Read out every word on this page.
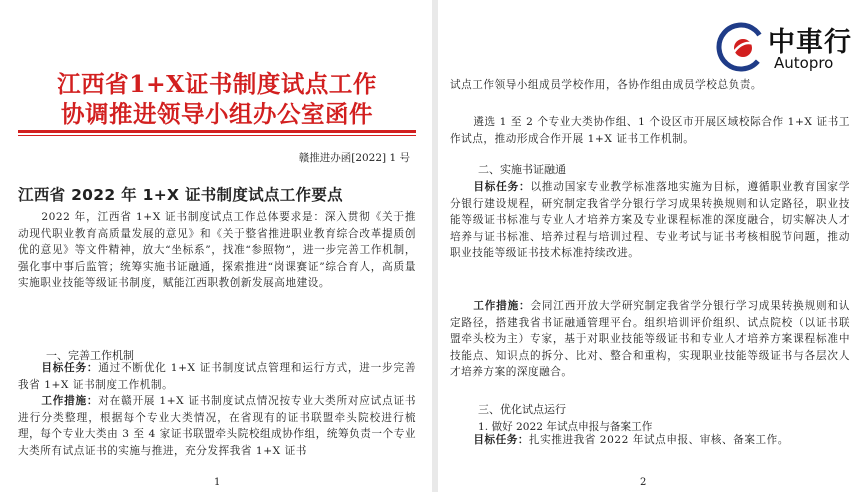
江西省1+X证书制度试点工作
协调推进领导小组办公室函件
赣推进办函[2022] 1 号
江西省 2022 年 1+X 证书制度试点工作要点

2022 年，江西省 1+X 证书制度试点工作总体要求是：深入贯彻《关于推动现代职业教育高质量发展的意见》和《关于整省推进职业教育综合改革提质创优的意见》等文件精神，放大“坐标系”，找准“参照物”，进一步完善工作机制，强化事中事后监管；统筹实施书证融通，探索推进“岗课赛证”综合育人，高质量实施职业技能等级证书制度，赋能江西职教创新发展高地建设。

一、完善工作机制

目标任务：通过不断优化 1+X 证书制度试点管理和运行方式，进一步完善我省 1+X 证书制度工作机制。

工作措施：对在赣开展 1+X 证书制度试点情况按专业大类所对应试点证书进行分类整理，根据每个专业大类情况，在省现有的证书联盟牵头院校进行梳理，每个专业大类由 3 至 4 家证书联盟牵头院校组成协作组，统筹负责一个专业大类所有试点证书的实施与推进，充分发挥我省 1+X 证书

1

试点工作领导小组成员学校作用，各协作组由成员学校总负责。

遴选 1 至 2 个专业大类协作组、1 个设区市开展区域校际合作 1+X 证书工作试点，推动形成合作开展 1+X 证书工作机制。

二、实施书证融通

目标任务：以推动国家专业教学标准落地实施为目标，遵循职业教育国家学分银行建设规程，研究制定我省学分银行学习成果转换规则和认定路径，职业技能等级证书标准与专业人才培养方案及专业课程标准的深度融合，切实解决人才培养与证书标准、培养过程与培训过程、专业考试与证书考核相脱节问题，推动职业技能等级证书技术标准持续改进。

工作措施：会同江西开放大学研究制定我省学分银行学习成果转换规则和认定路径，搭建我省书证融通管理平台。组织培训评价组织、试点院校（以证书联盟牵头校为主）专家，基于对职业技能等级证书和专业人才培养方案课程标准中技能点、知识点的拆分、比对、整合和重构，实现职业技能等级证书与各层次人才培养方案的深度融合。

三、优化试点运行
1. 做好 2022 年试点申报与备案工作

目标任务：扎实推进我省 2022 年试点申报、审核、备案工作。

2
中車行
Autopro
